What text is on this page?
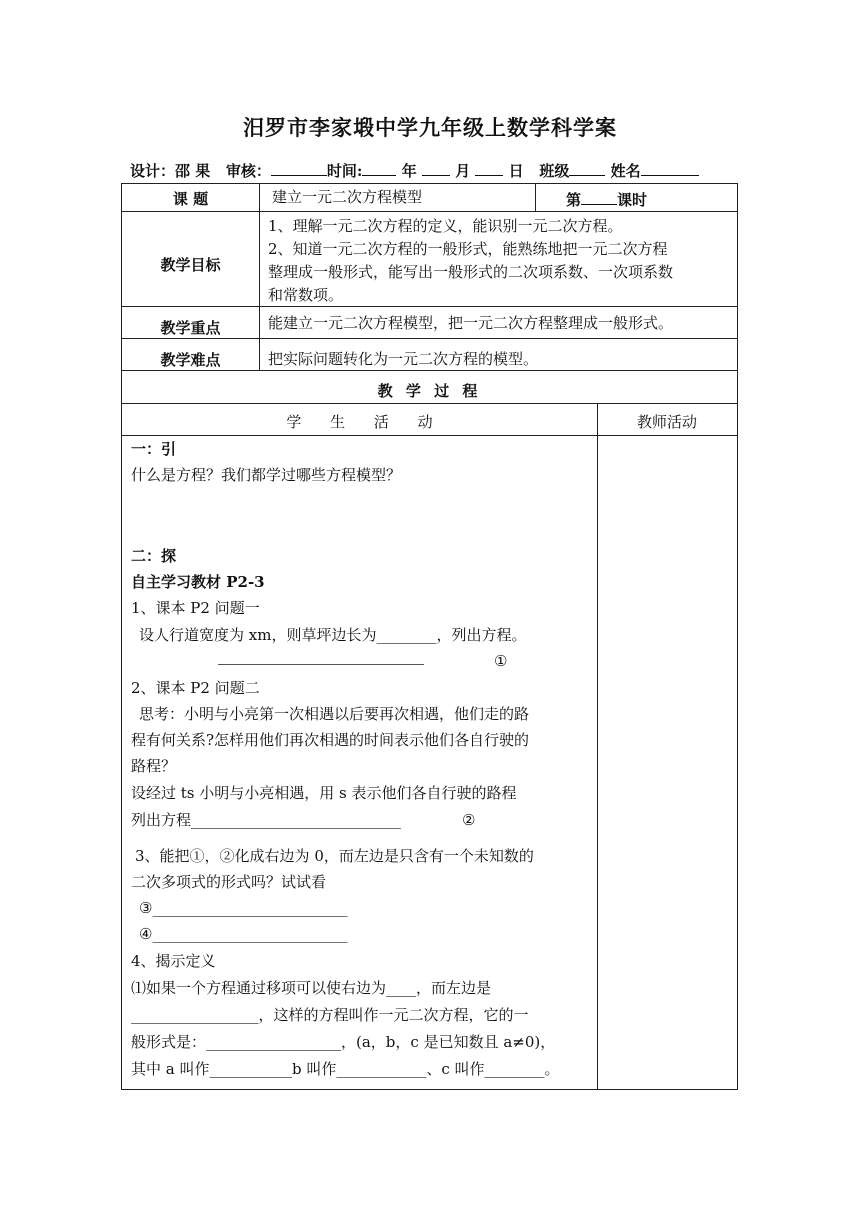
汨罗市李家塅中学九年级上数学科学案
设计：邵 果 审核：	时间:	年	月	日 班级	姓名
课 题	建立一元二次方程模型	第 课时
教学目标
1、理解一元二次方程的定义，能识别一元二次方程。
2、知道一元二次方程的一般形式，能熟练地把一元二次方程
整理成一般形式，能写出一般形式的二次项系数、一次项系数
和常数项。
教学重点	能建立一元二次方程模型，把一元二次方程整理成一般形式。
教学难点	把实际问题转化为一元二次方程的模型。
教 学 过 程
学 生 活 动	教师活动
一：引
什么是方程？我们都学过哪些方程模型？
二：探
自主学习教材 P2-3
1、课本 P2 问题一
设人行道宽度为 xm，则草坪边长为________，列出方程。
①
2、课本 P2 问题二
思考：小明与小亮第一次相遇以后要再次相遇，他们走的路
程有何关系?怎样用他们再次相遇的时间表示他们各自行驶的
路程？
设经过 ts 小明与小亮相遇，用 s 表示他们各自行驶的路程
列出方程____________________________	②
3、能把①，②化成右边为 0，而左边是只含有一个未知数的
二次多项式的形式吗？试试看
③__________________________
④__________________________
4、揭示定义
⑴如果一个方程通过移项可以使右边为____，而左边是
_________________，这样的方程叫作一元二次方程，它的一
般形式是：__________________，(a，b，c 是已知数且 a≠0)，
其中 a 叫作___________b 叫作____________、c 叫作________。
